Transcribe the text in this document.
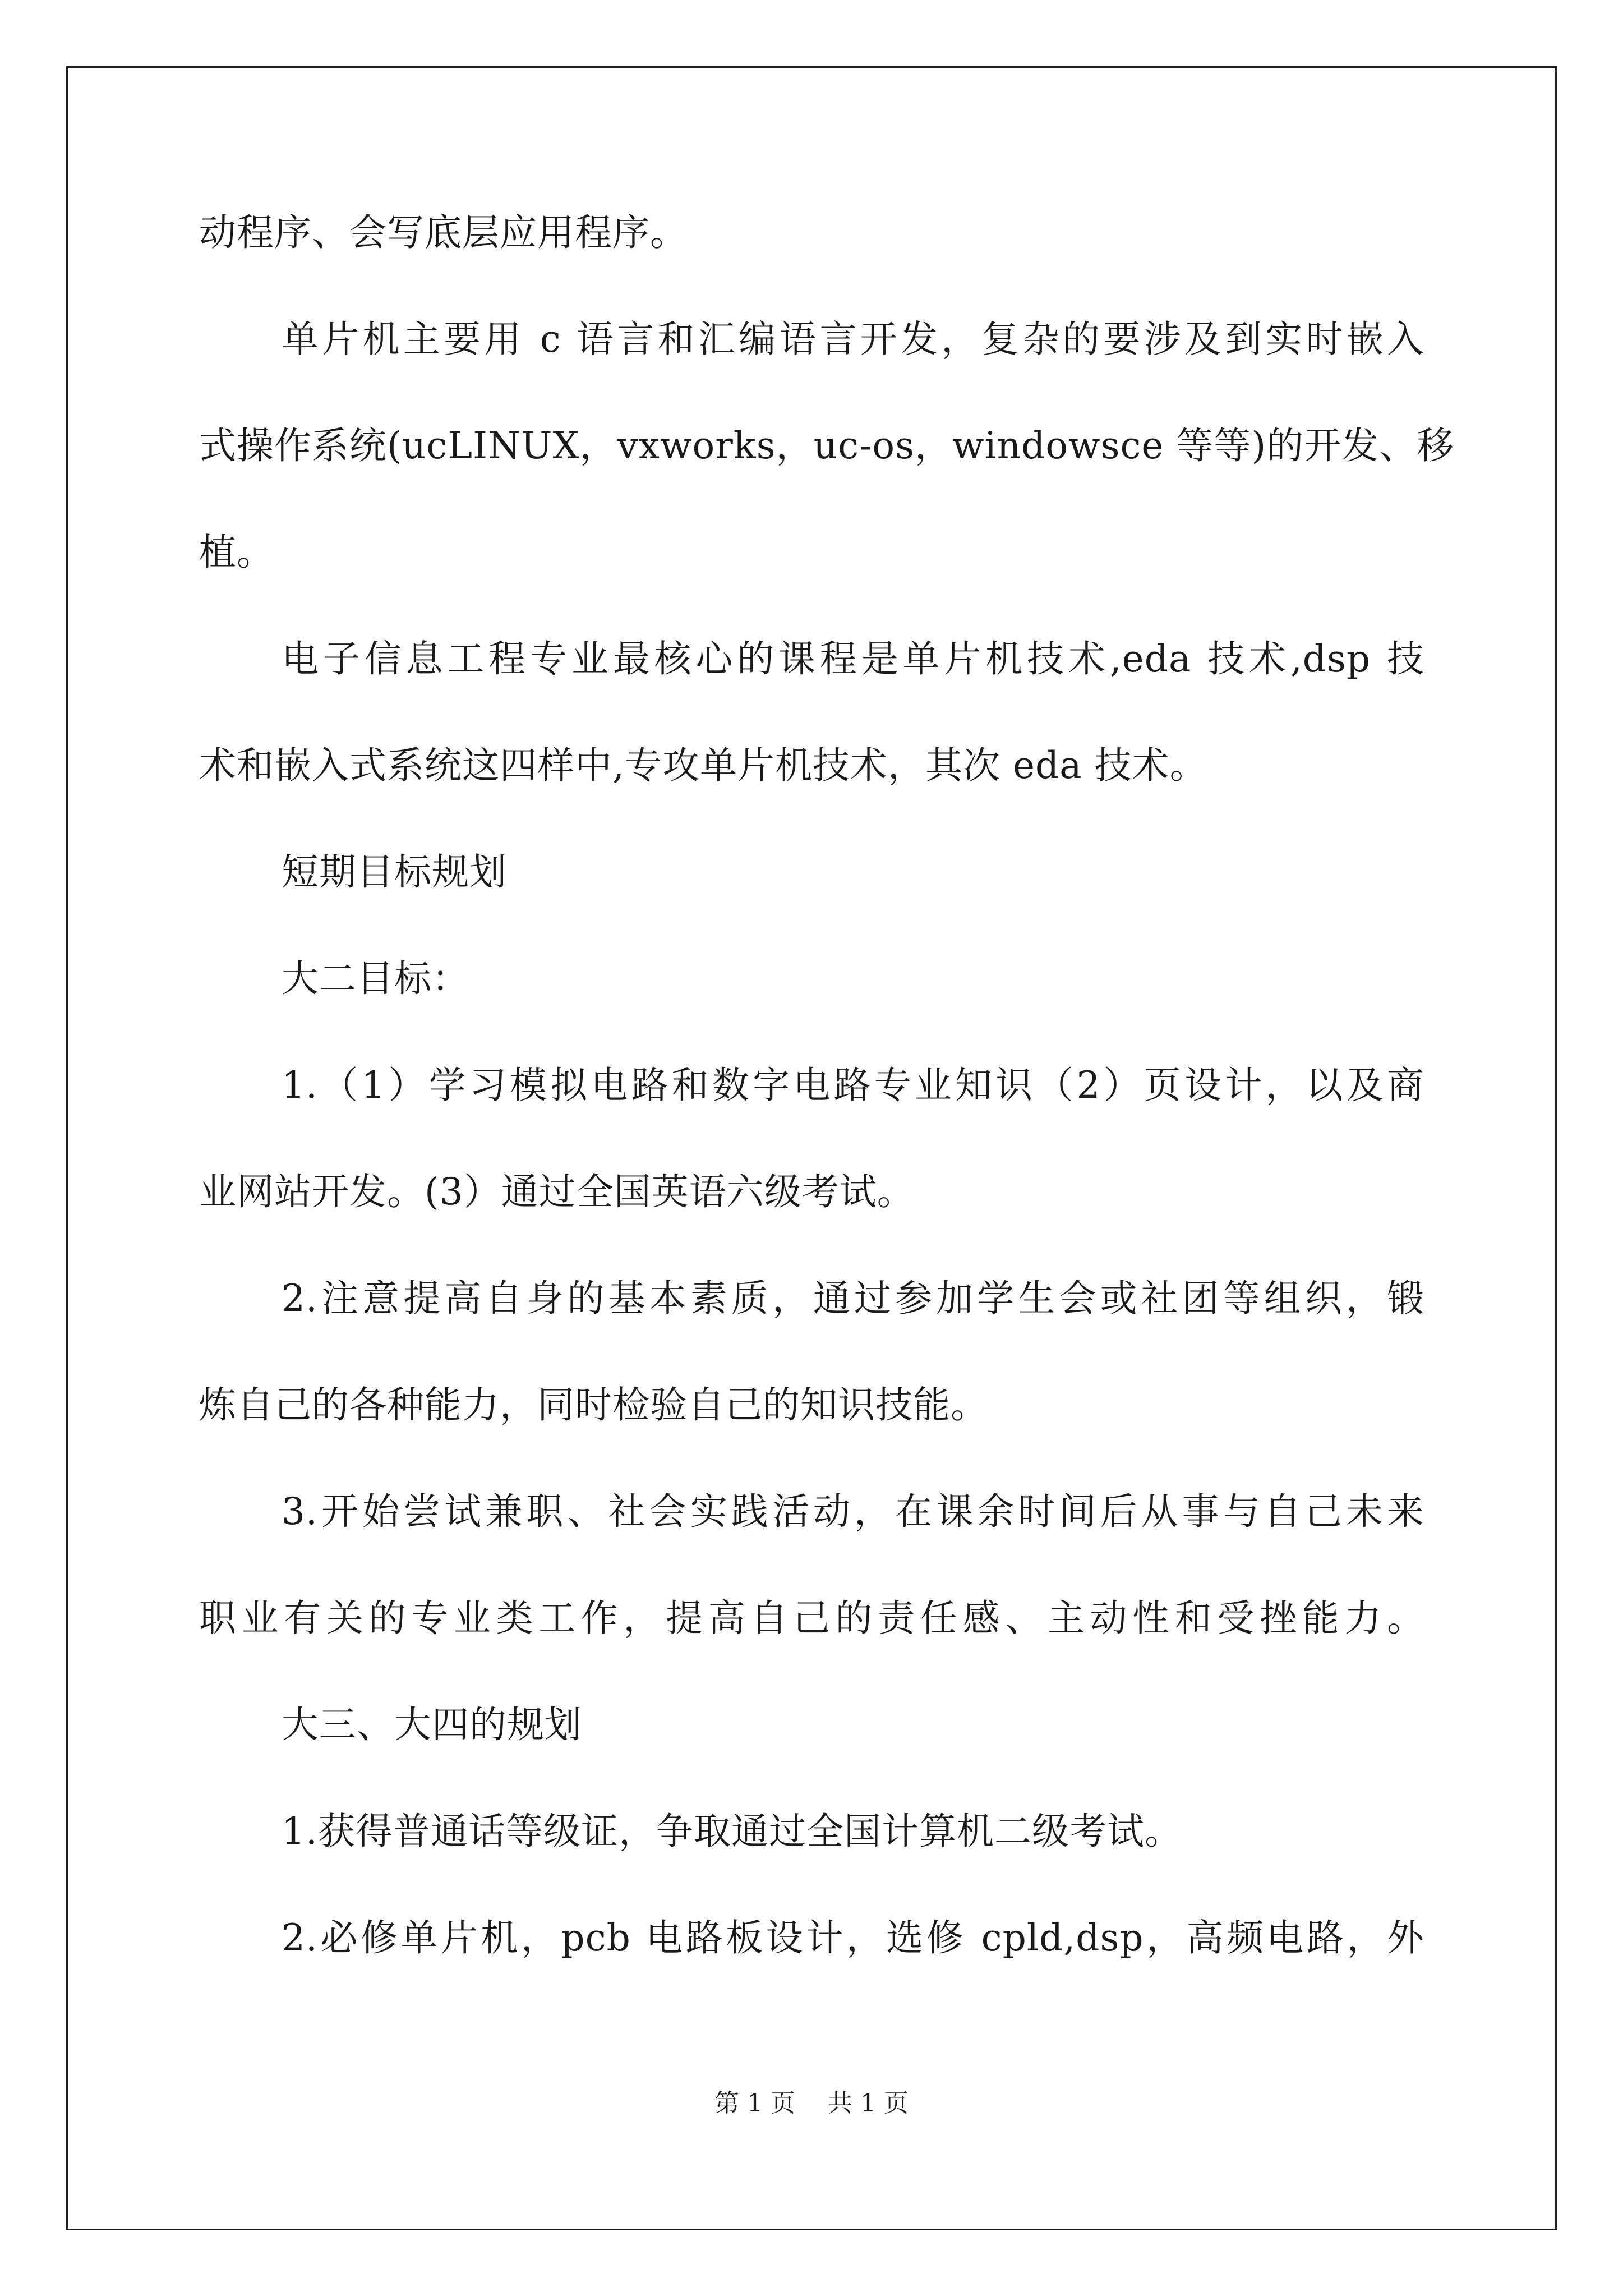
动程序、会写底层应用程序。
单片机主要用 c 语言和汇编语言开发，复杂的要涉及到实时嵌入
式操作系统(ucLINUX，vxworks，uc-os，windowsce 等等)的开发、移
植。
电子信息工程专业最核心的课程是单片机技术,eda 技术,dsp 技
术和嵌入式系统这四样中,专攻单片机技术，其次 eda 技术。
短期目标规划
大二目标：
1.（1）学习模拟电路和数字电路专业知识（2）页设计，以及商
业网站开发。(3）通过全国英语六级考试。
2.注意提高自身的基本素质，通过参加学生会或社团等组织，锻
炼自己的各种能力，同时检验自己的知识技能。
3.开始尝试兼职、社会实践活动，在课余时间后从事与自己未来
职业有关的专业类工作，提高自己的责任感、主动性和受挫能力。
大三、大四的规划
1.获得普通话等级证，争取通过全国计算机二级考试。
2.必修单片机，pcb 电路板设计，选修 cpld,dsp，高频电路，外
第 1 页 共 1 页
